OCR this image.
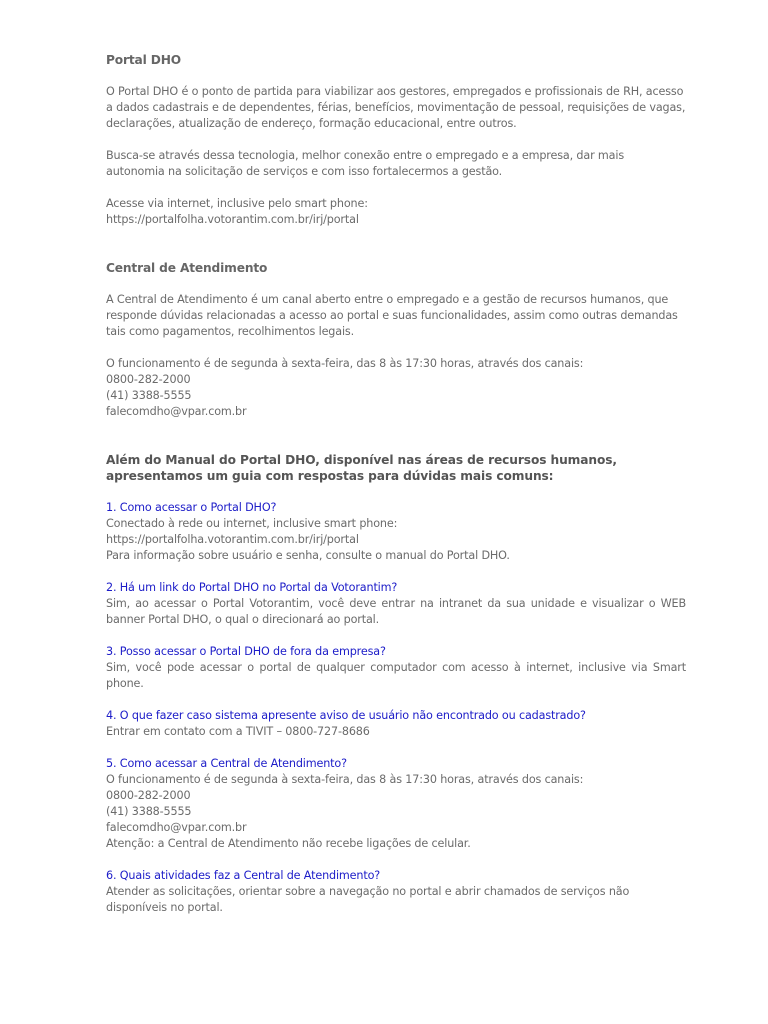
Portal DHO

O Portal DHO é o ponto de partida para viabilizar aos gestores, empregados e profissionais de RH, acesso a dados cadastrais e de dependentes, férias, benefícios, movimentação de pessoal, requisições de vagas, declarações, atualização de endereço, formação educacional, entre outros.

Busca-se através dessa tecnologia, melhor conexão entre o empregado e a empresa, dar mais autonomia na solicitação de serviços e com isso fortalecermos a gestão.

Acesse via internet, inclusive pelo smart phone:

https://portalfolha.votorantim.com.br/irj/portal

Central de Atendimento

A Central de Atendimento é um canal aberto entre o empregado e a gestão de recursos humanos, que responde dúvidas relacionadas a acesso ao portal e suas funcionalidades, assim como outras demandas tais como pagamentos, recolhimentos legais.

O funcionamento é de segunda à sexta-feira, das 8 às 17:30 horas, através dos canais:

0800-282-2000

(41) 3388-5555

falecomdho@vpar.com.br

Além do Manual do Portal DHO, disponível nas áreas de recursos humanos, apresentamos um guia com respostas para dúvidas mais comuns:

1. Como acessar o Portal DHO?

Conectado à rede ou internet, inclusive smart phone:

https://portalfolha.votorantim.com.br/irj/portal

Para informação sobre usuário e senha, consulte o manual do Portal DHO.

2. Há um link do Portal DHO no Portal da Votorantim?

Sim, ao acessar o Portal Votorantim, você deve entrar na intranet da sua unidade e visualizar o WEB banner Portal DHO, o qual o direcionará ao portal.

3. Posso acessar o Portal DHO de fora da empresa?

Sim, você pode acessar o portal de qualquer computador com acesso à internet, inclusive via Smart phone.

4. O que fazer caso sistema apresente aviso de usuário não encontrado ou cadastrado?

Entrar em contato com a TIVIT – 0800-727-8686

5. Como acessar a Central de Atendimento?

O funcionamento é de segunda à sexta-feira, das 8 às 17:30 horas, através dos canais:

0800-282-2000

(41) 3388-5555

falecomdho@vpar.com.br

Atenção: a Central de Atendimento não recebe ligações de celular.

6. Quais atividades faz a Central de Atendimento?

Atender as solicitações, orientar sobre a navegação no portal e abrir chamados de serviços não disponíveis no portal.
